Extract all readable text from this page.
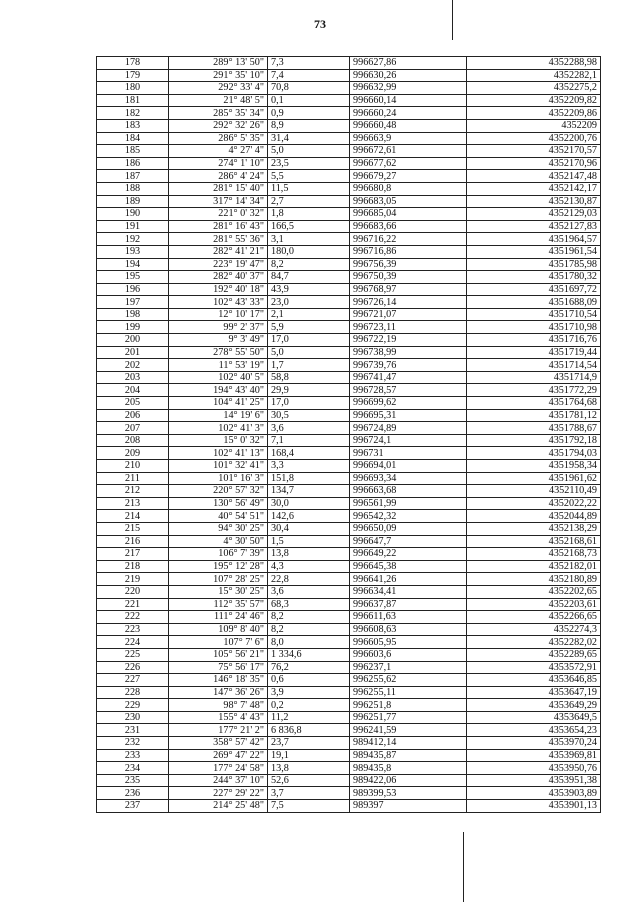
73
178	289° 13' 50"	7,3	996627,86	4352288,98
179	291° 35' 10"	7,4	996630,26	4352282,1
180	292° 33' 4"	70,8	996632,99	4352275,2
181	21° 48' 5"	0,1	996660,14	4352209,82
182	285° 35' 34"	0,9	996660,24	4352209,86
183	292° 32' 26"	8,9	996660,48	4352209
184	286° 5' 35"	31,4	996663,9	4352200,76
185	4° 27' 4"	5,0	996672,61	4352170,57
186	274° 1' 10"	23,5	996677,62	4352170,96
187	286° 4' 24"	5,5	996679,27	4352147,48
188	281° 15' 40"	11,5	996680,8	4352142,17
189	317° 14' 34"	2,7	996683,05	4352130,87
190	221° 0' 32"	1,8	996685,04	4352129,03
191	281° 16' 43"	166,5	996683,66	4352127,83
192	281° 55' 36"	3,1	996716,22	4351964,57
193	282° 41' 21"	180,0	996716,86	4351961,54
194	223° 19' 47"	8,2	996756,39	4351785,98
195	282° 40' 37"	84,7	996750,39	4351780,32
196	192° 40' 18"	43,9	996768,97	4351697,72
197	102° 43' 33"	23,0	996726,14	4351688,09
198	12° 10' 17"	2,1	996721,07	4351710,54
199	99° 2' 37"	5,9	996723,11	4351710,98
200	9° 3' 49"	17,0	996722,19	4351716,76
201	278° 55' 50"	5,0	996738,99	4351719,44
202	11° 53' 19"	1,7	996739,76	4351714,54
203	102° 40' 5"	58,8	996741,47	4351714,9
204	194° 43' 40"	29,9	996728,57	4351772,29
205	104° 41' 25"	17,0	996699,62	4351764,68
206	14° 19' 6"	30,5	996695,31	4351781,12
207	102° 41' 3"	3,6	996724,89	4351788,67
208	15° 0' 32"	7,1	996724,1	4351792,18
209	102° 41' 13"	168,4	996731	4351794,03
210	101° 32' 41"	3,3	996694,01	4351958,34
211	101° 16' 3"	151,8	996693,34	4351961,62
212	220° 57' 32"	134,7	996663,68	4352110,49
213	130° 56' 49"	30,0	996561,99	4352022,22
214	40° 54' 51"	142,6	996542,32	4352044,89
215	94° 30' 25"	30,4	996650,09	4352138,29
216	4° 30' 50"	1,5	996647,7	4352168,61
217	106° 7' 39"	13,8	996649,22	4352168,73
218	195° 12' 28"	4,3	996645,38	4352182,01
219	107° 28' 25"	22,8	996641,26	4352180,89
220	15° 30' 25"	3,6	996634,41	4352202,65
221	112° 35' 57"	68,3	996637,87	4352203,61
222	111° 24' 46"	8,2	996611,63	4352266,65
223	109° 8' 40"	8,2	996608,63	4352274,3
224	107° 7' 6"	8,0	996605,95	4352282,02
225	105° 56' 21"	1 334,6	996603,6	4352289,65
226	75° 56' 17"	76,2	996237,1	4353572,91
227	146° 18' 35"	0,6	996255,62	4353646,85
228	147° 36' 26"	3,9	996255,11	4353647,19
229	98° 7' 48"	0,2	996251,8	4353649,29
230	155° 4' 43"	11,2	996251,77	4353649,5
231	177° 21' 2"	6 836,8	996241,59	4353654,23
232	358° 57' 42"	23,7	989412,14	4353970,24
233	269° 47' 22"	19,1	989435,87	4353969,81
234	177° 24' 58"	13,8	989435,8	4353950,76
235	244° 37' 10"	52,6	989422,06	4353951,38
236	227° 29' 22"	3,7	989399,53	4353903,89
237	214° 25' 48"	7,5	989397	4353901,13
